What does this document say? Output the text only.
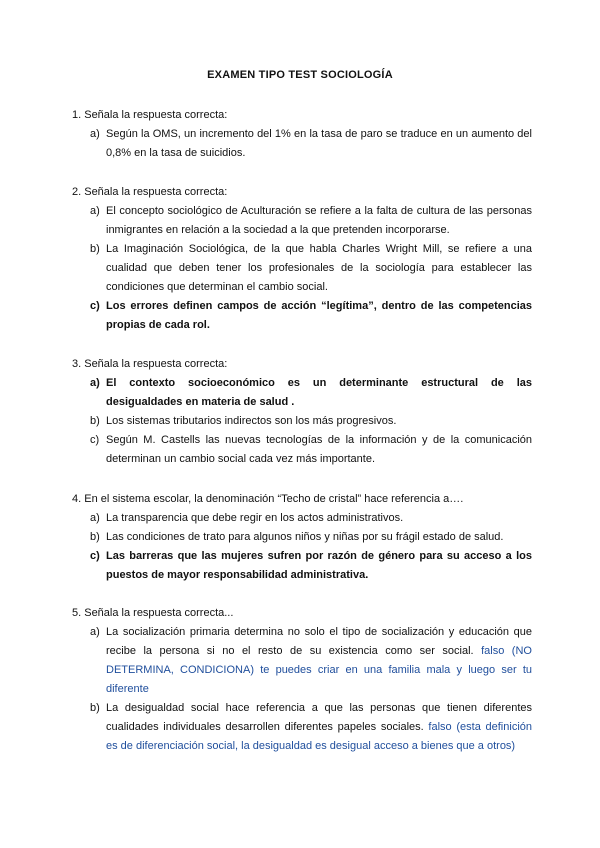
EXAMEN TIPO TEST SOCIOLOGÍA

1. Señala la respuesta correcta:

a) Según la OMS, un incremento del 1% en la tasa de paro se traduce en un aumento del 0,8% en la tasa de suicidios.

2. Señala la respuesta correcta:

a) El concepto sociológico de Aculturación se refiere a la falta de cultura de las personas inmigrantes en relación a la sociedad a la que pretenden incorporarse.
b) La Imaginación Sociológica, de la que habla Charles Wright Mill, se refiere a una cualidad que deben tener los profesionales de la sociología para establecer las condiciones que determinan el cambio social.
c) Los errores definen campos de acción “legítima”, dentro de las competencias propias de cada rol.

3. Señala la respuesta correcta:

a) El contexto socioeconómico es un determinante estructural de las desigualdades en materia de salud .
b) Los sistemas tributarios indirectos son los más progresivos.
c) Según M. Castells las nuevas tecnologías de la información y de la comunicación determinan un cambio social cada vez más importante.

4. En el sistema escolar, la denominación “Techo de cristal” hace referencia a….

a) La transparencia que debe regir en los actos administrativos.
b) Las condiciones de trato para algunos niños y niñas por su frágil estado de salud.
c) Las barreras que las mujeres sufren por razón de género para su acceso a los puestos de mayor responsabilidad administrativa.

5. Señala la respuesta correcta...

a) La socialización primaria determina no solo el tipo de socialización y educación que recibe la persona si no el resto de su existencia como ser social. falso (NO DETERMINA, CONDICIONA) te puedes criar en una familia mala y luego ser tu diferente
b) La desigualdad social hace referencia a que las personas que tienen diferentes cualidades individuales desarrollen diferentes papeles sociales. falso (esta definición es de diferenciación social, la desigualdad es desigual acceso a bienes que a otros)
